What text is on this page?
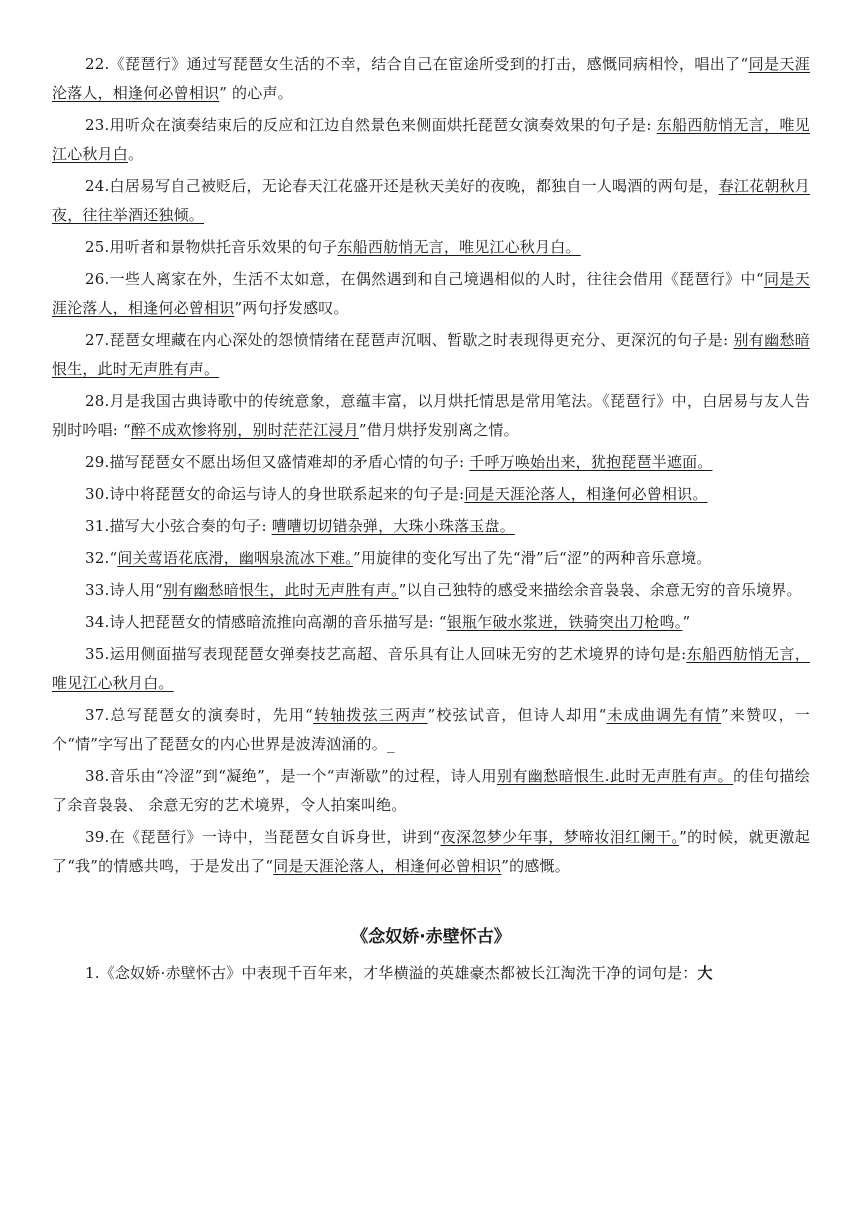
22.《琵琶行》通过写琵琶女生活的不幸，结合自己在宦途所受到的打击，感慨同病相怜，唱出了“同是天涯沦落人，相逢何必曾相识” 的心声。

23.用听众在演奏结束后的反应和江边自然景色来侧面烘托琵琶女演奏效果的句子是: 东船西舫悄无言，唯见江心秋月白。

24.白居易写自己被贬后，无论春天江花盛开还是秋天美好的夜晚，都独自一人喝酒的两句是，春江花朝秋月夜，往往举酒还独倾。

25.用听者和景物烘托音乐效果的句子东船西舫悄无言，唯见江心秋月白。

26.一些人离家在外，生活不太如意，在偶然遇到和自己境遇相似的人时，往往会借用《琵琶行》中“同是天涯沦落人，相逢何必曾相识”两句抒发感叹。

27.琵琶女埋藏在内心深处的怨愤情绪在琵琶声沉咽、暂歇之时表现得更充分、更深沉的句子是: 别有幽愁暗恨生，此时无声胜有声。

28.月是我国古典诗歌中的传统意象，意蕴丰富，以月烘托情思是常用笔法。《琵琶行》中，白居易与友人告别时吟唱: “醉不成欢惨将别，别时茫茫江浸月”借月烘抒发别离之情。

29.描写琵琶女不愿出场但又盛情难却的矛盾心情的句子: 千呼万唤始出来，犹抱琵琶半遮面。

30.诗中将琵琶女的命运与诗人的身世联系起来的句子是:同是天涯沦落人，相逢何必曾相识。

31.描写大小弦合奏的句子: 嘈嘈切切错杂弹，大珠小珠落玉盘。

32.“间关莺语花底滑，幽咽泉流冰下难。”用旋律的变化写出了先“滑”后“涩”的两种音乐意境。

33.诗人用“别有幽愁暗恨生，此时无声胜有声。”以自己独特的感受来描绘余音袅袅、余意无穷的音乐境界。

34.诗人把琵琶女的情感暗流推向高潮的音乐描写是: “银瓶乍破水浆迸，铁骑突出刀枪鸣。”

35.运用侧面描写表现琵琶女弹奏技艺高超、音乐具有让人回味无穷的艺术境界的诗句是:东船西舫悄无言，唯见江心秋月白。

37.总写琵琶女的演奏时，先用“转轴拨弦三两声”校弦试音，但诗人却用“未成曲调先有情”来赞叹，一个“情”字写出了琵琶女的内心世界是波涛汹涌的。_

38.音乐由“冷涩”到“凝绝”，是一个“声渐歇”的过程，诗人用别有幽愁暗恨生.此时无声胜有声。的佳句描绘了余音袅袅、 余意无穷的艺术境界，令人拍案叫绝。

39.在《琵琶行》一诗中，当琵琶女自诉身世，讲到“夜深忽梦少年事，梦啼妆泪红阑干。”的时候，就更激起了“我”的情感共鸣，于是发出了“同是天涯沦落人，相逢何必曾相识”的感慨。

《念奴娇·赤壁怀古》

1.《念奴娇·赤壁怀古》中表现千百年来，才华横溢的英雄豪杰都被长江淘洗干净的词句是：大
